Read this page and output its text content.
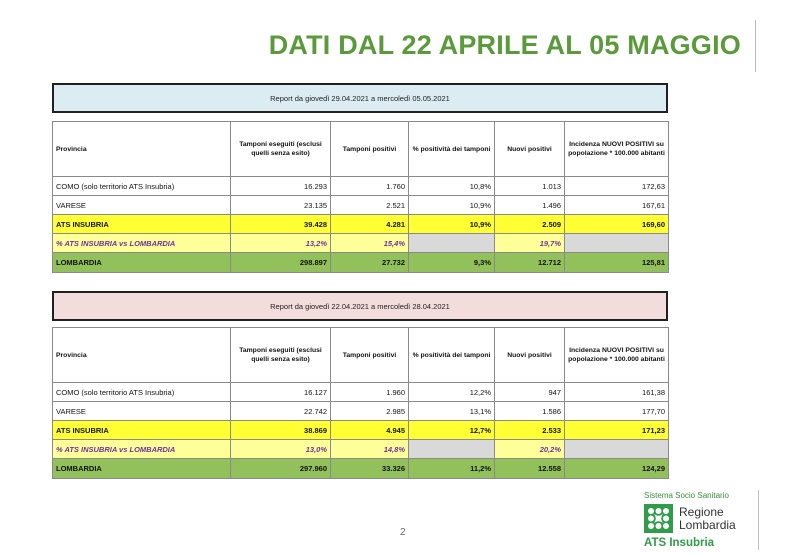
DATI DAL 22 APRILE AL 05 MAGGIO
Report da giovedì 29.04.2021 a mercoledì 05.05.2021
Provincia	Tamponi eseguiti (esclusi quelli senza esito)	Tamponi positivi	% positività dei tamponi	Nuovi positivi	Incidenza NUOVI POSITIVI su popolazione * 100.000 abitanti
COMO (solo territorio ATS Insubria)	16.293	1.760	10,8%	1.013	172,63
VARESE	23.135	2.521	10,9%	1.496	167,61
ATS INSUBRIA	39.428	4.281	10,9%	2.509	169,60
% ATS INSUBRIA vs LOMBARDIA	13,2%	15,4%		19,7%	
LOMBARDIA	298.897	27.732	9,3%	12.712	125,81
Report da giovedì 22.04.2021 a mercoledì 28.04.2021
Provincia	Tamponi eseguiti (esclusi quelli senza esito)	Tamponi positivi	% positività dei tamponi	Nuovi positivi	Incidenza NUOVI POSITIVI su popolazione * 100.000 abitanti
COMO (solo territorio ATS Insubria)	16.127	1.960	12,2%	947	161,38
VARESE	22.742	2.985	13,1%	1.586	177,70
ATS INSUBRIA	38.869	4.945	12,7%	2.533	171,23
% ATS INSUBRIA vs LOMBARDIA	13,0%	14,8%		20,2%	
LOMBARDIA	297.960	33.326	11,2%	12.558	124,29
2
Sistema Socio Sanitario
Regione
Lombardia
ATS Insubria
